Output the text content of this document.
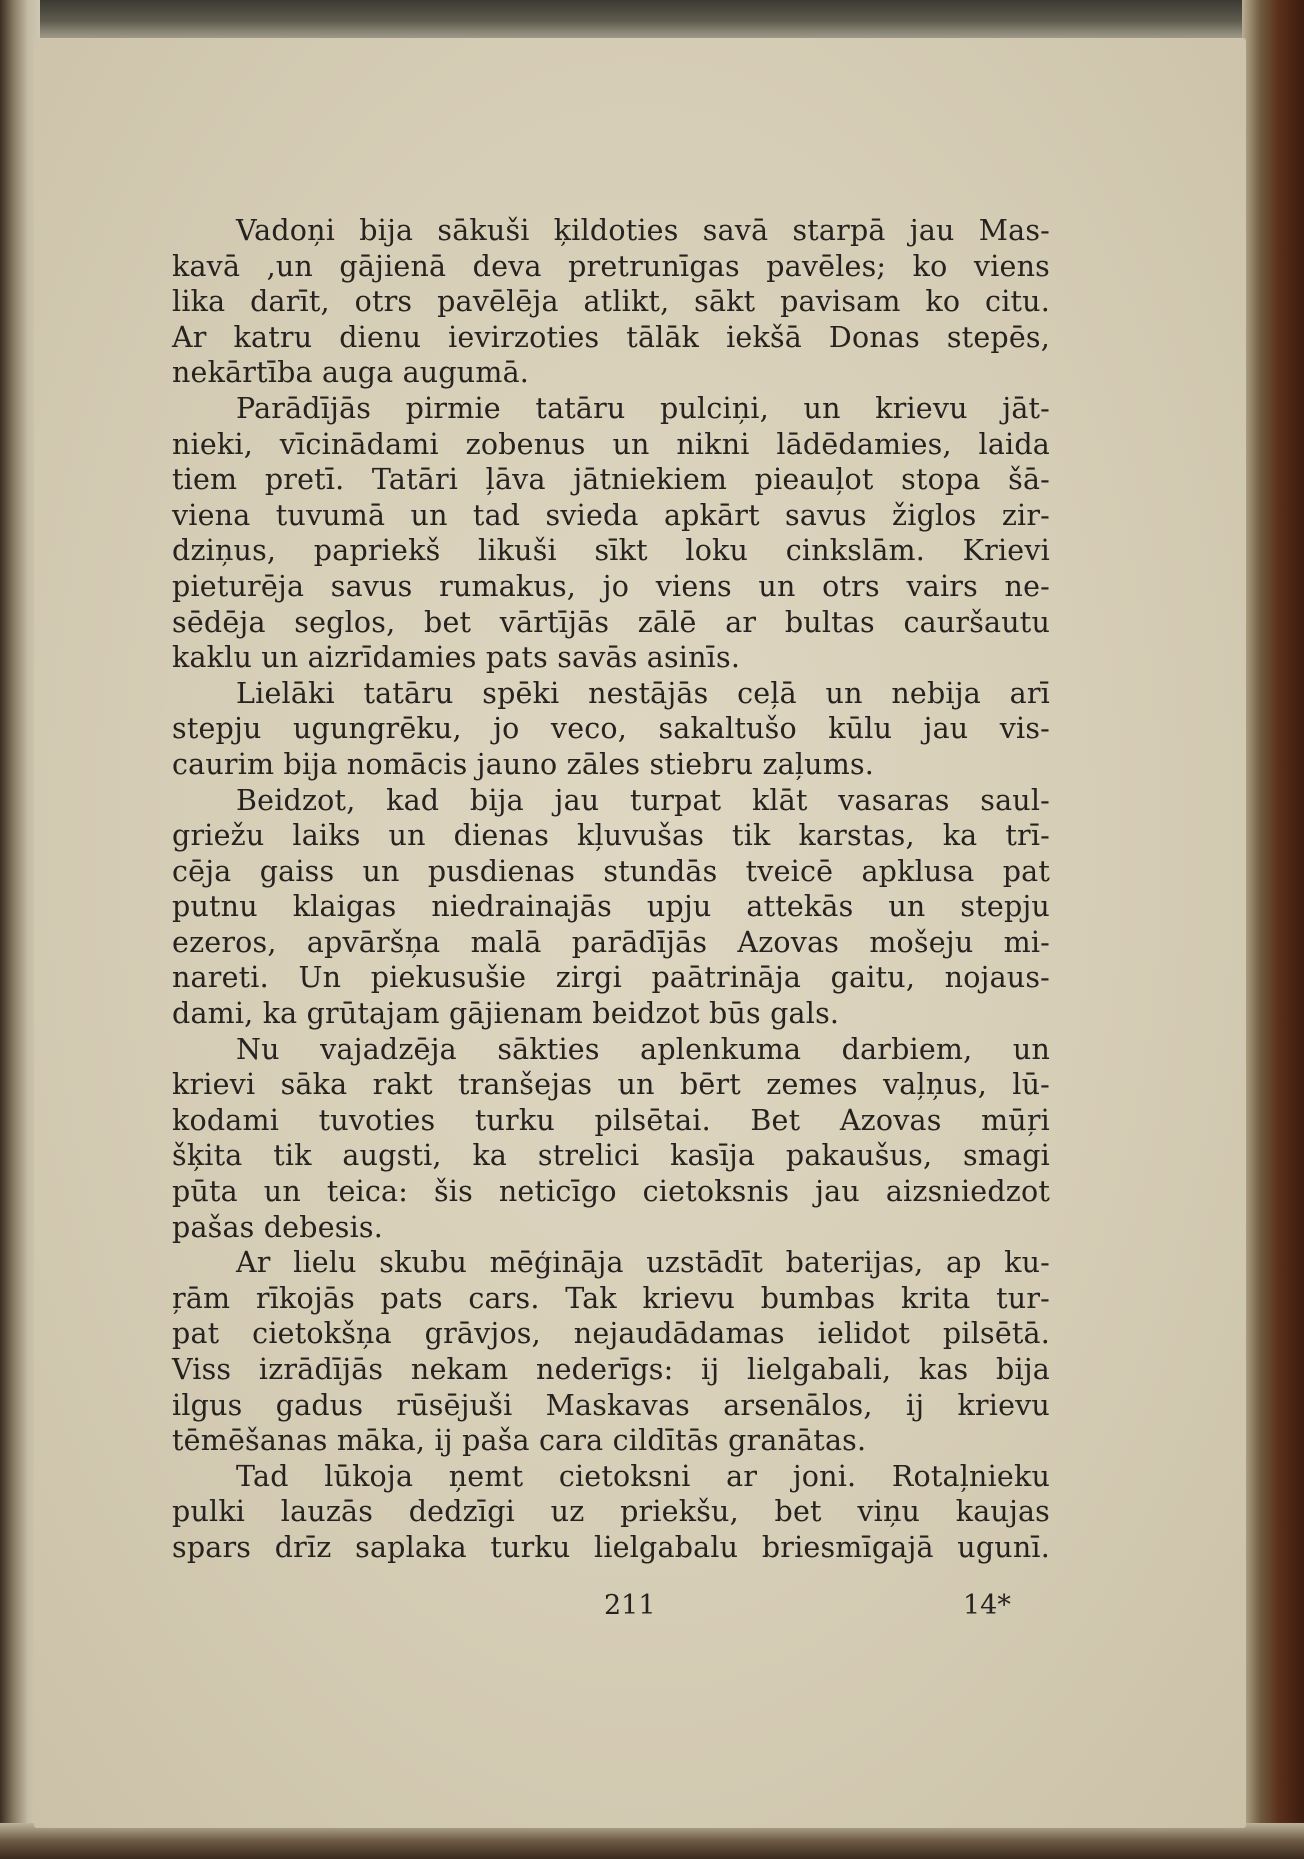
Vadoņi bija sākuši ķildoties savā starpā jau Mas-
kavā ,un gājienā deva pretrunīgas pavēles; ko viens
lika darīt, otrs pavēlēja atlikt, sākt pavisam ko citu.
Ar katru dienu ievirzoties tālāk iekšā Donas stepēs,
nekārtība auga augumā.
Parādījās pirmie tatāru pulciņi, un krievu jāt-
nieki, vīcinādami zobenus un nikni lādēdamies, laida
tiem pretī. Tatāri ļāva jātniekiem pieauļot stopa šā-
viena tuvumā un tad svieda apkārt savus žiglos zir-
dziņus, papriekš likuši sīkt loku cinkslām. Krievi
pieturēja savus rumakus, jo viens un otrs vairs ne-
sēdēja seglos, bet vārtījās zālē ar bultas cauršautu
kaklu un aizrīdamies pats savās asinīs.
Lielāki tatāru spēki nestājās ceļā un nebija arī
stepju ugungrēku, jo veco, sakaltušo kūlu jau vis-
caurim bija nomācis jauno zāles stiebru zaļums.
Beidzot, kad bija jau turpat klāt vasaras saul-
griežu laiks un dienas kļuvušas tik karstas, ka trī-
cēja gaiss un pusdienas stundās tveicē apklusa pat
putnu klaigas niedrainajās upju attekās un stepju
ezeros, apvāršņa malā parādījās Azovas mošeju mi-
nareti. Un piekusušie zirgi paātrināja gaitu, nojaus-
dami, ka grūtajam gājienam beidzot būs gals.
Nu vajadzēja sākties aplenkuma darbiem, un
krievi sāka rakt tranšejas un bērt zemes vaļņus, lū-
kodami tuvoties turku pilsētai. Bet Azovas mūŗi
šķita tik augsti, ka strelici kasīja pakaušus, smagi
pūta un teica: šis neticīgo cietoksnis jau aizsniedzot
pašas debesis.
Ar lielu skubu mēģināja uzstādīt baterijas, ap ku-
ŗām rīkojās pats cars. Tak krievu bumbas krita tur-
pat cietokšņa grāvjos, nejaudādamas ielidot pilsētā.
Viss izrādījās nekam nederīgs: ij lielgabali, kas bija
ilgus gadus rūsējuši Maskavas arsenālos, ij krievu
tēmēšanas māka, ij paša cara cildītās granātas.
Tad lūkoja ņemt cietoksni ar joni. Rotaļnieku
pulki lauzās dedzīgi uz priekšu, bet viņu kaujas
spars drīz saplaka turku lielgabalu briesmīgajā ugunī.
211	14*
